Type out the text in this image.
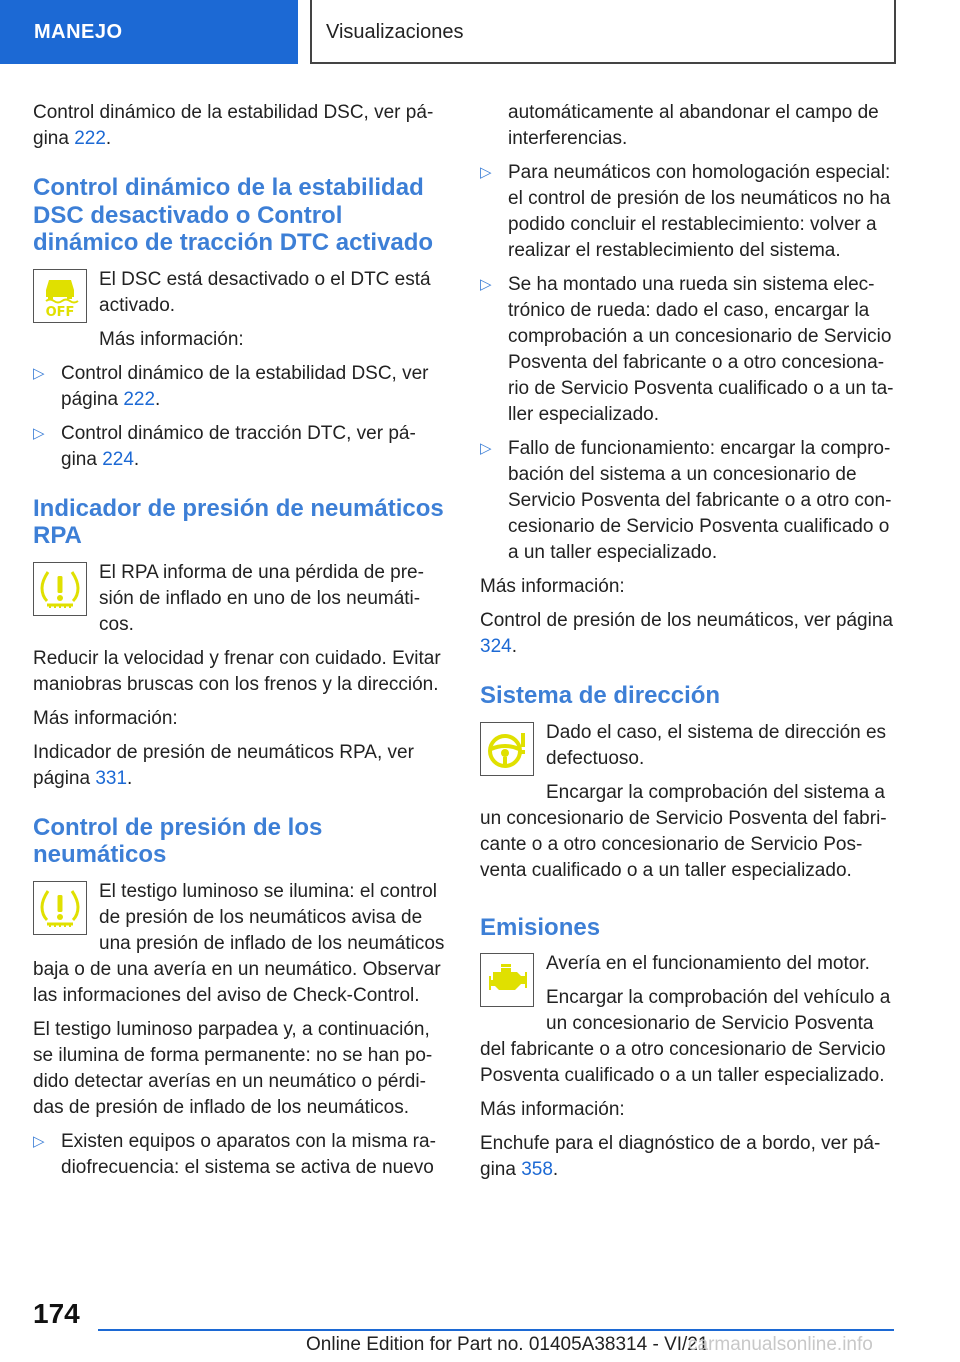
MANEJO	Visualizaciones

Control dinámico de la estabilidad DSC, ver página 222.

Control dinámico de la estabilidad DSC desactivado o Control dinámico de tracción DTC activado
OFF

El DSC está desactivado o el DTC está activado.

Más información:

▷ Control dinámico de la estabilidad DSC, ver página 222.

▷ Control dinámico de tracción DTC, ver página 224.

Indicador de presión de neumáticos RPA

El RPA informa de una pérdida de presión de inflado en uno de los neumáticos.

Reducir la velocidad y frenar con cuidado. Evitar maniobras bruscas con los frenos y la dirección.

Más información:

Indicador de presión de neumáticos RPA, ver página 331.

Control de presión de los neumáticos

El testigo luminoso se ilumina: el control de presión de los neumáticos avisa de una presión de inflado de los neumáticos baja o de una avería en un neumático. Observar las informaciones del aviso de Check-Control.

El testigo luminoso parpadea y, a continuación, se ilumina de forma permanente: no se han podido detectar averías en un neumático o pérdidas de presión de inflado de los neumáticos.

▷ Existen equipos o aparatos con la misma radiofrecuencia: el sistema se activa de nuevo

automáticamente al abandonar el campo de interferencias.

▷ Para neumáticos con homologación especial: el control de presión de los neumáticos no ha podido concluir el restablecimiento: volver a realizar el restablecimiento del sistema.

▷ Se ha montado una rueda sin sistema electrónico de rueda: dado el caso, encargar la comprobación a un concesionario de Servicio Posventa del fabricante o a otro concesionario de Servicio Posventa cualificado o a un taller especializado.

▷ Fallo de funcionamiento: encargar la comprobación del sistema a un concesionario de Servicio Posventa del fabricante o a otro concesionario de Servicio Posventa cualificado o a un taller especializado.

Más información:

Control de presión de los neumáticos, ver página 324.

Sistema de dirección

Dado el caso, el sistema de dirección es defectuoso.

Encargar la comprobación del sistema a un concesionario de Servicio Posventa del fabricante o a otro concesionario de Servicio Posventa cualificado o a un taller especializado.

Emisiones

Avería en el funcionamiento del motor.

Encargar la comprobación del vehículo a un concesionario de Servicio Posventa del fabricante o a otro concesionario de Servicio Posventa cualificado o a un taller especializado.

Más información:

Enchufe para el diagnóstico de a bordo, ver página 358.

174
Online Edition for Part no. 01405A38314 - VI/21
carmanualsonline.info
